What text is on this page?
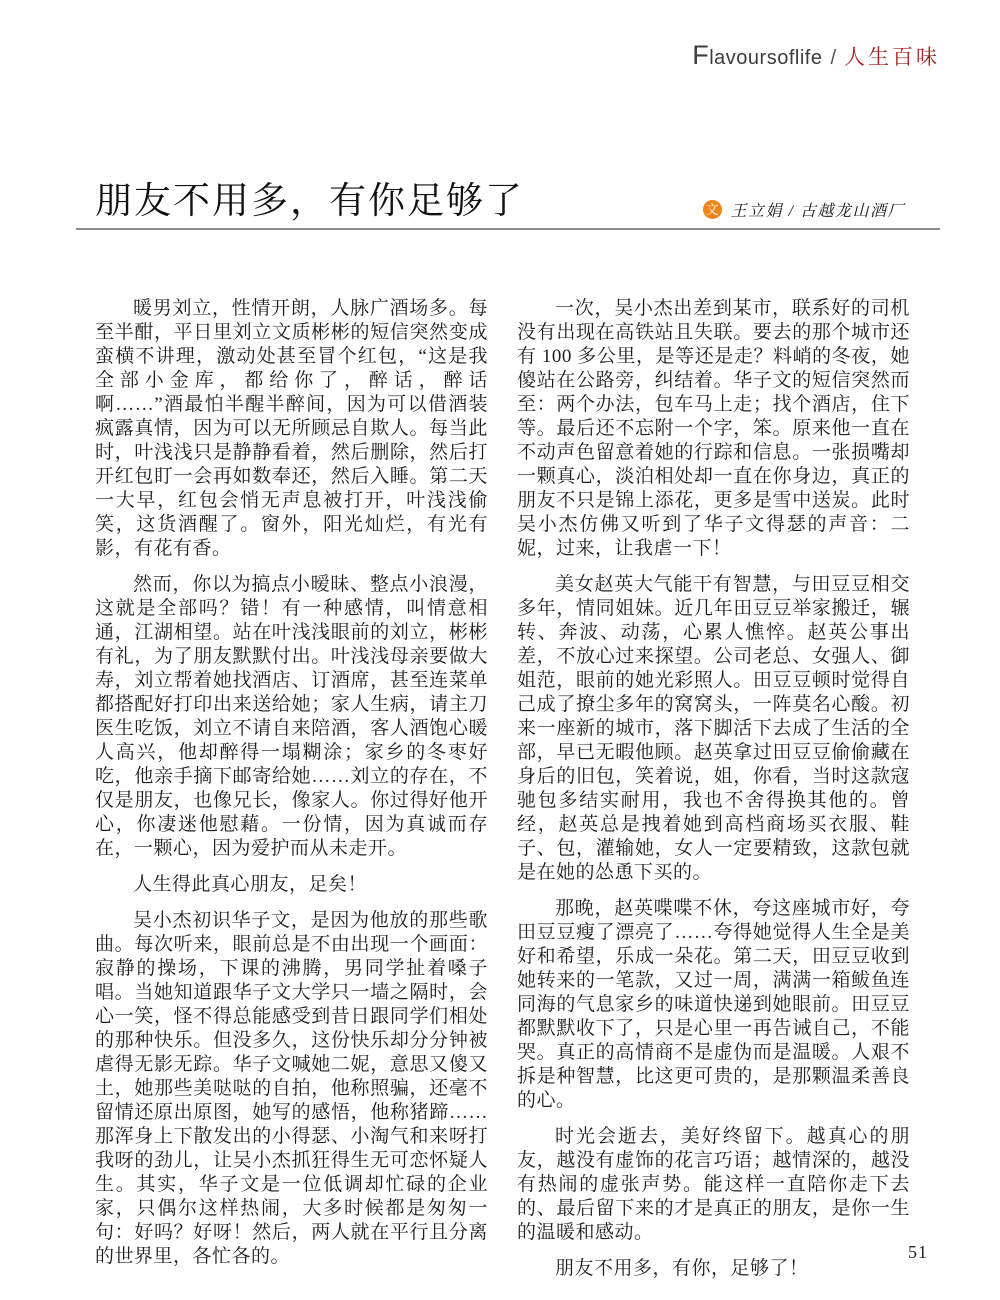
Flavoursoflife / 人生百味
朋友不用多，有你足够了	文 王立娟 / 古越龙山酒厂

暖男刘立，性情开朗，人脉广酒场多。每至半酣，平日里刘立文质彬彬的短信突然变成蛮横不讲理，激动处甚至冒个红包，“这是我全部小金库，都给你了，醉话，醉话啊……”酒最怕半醒半醉间，因为可以借酒装疯露真情，因为可以无所顾忌自欺人。每当此时，叶浅浅只是静静看着，然后删除，然后打开红包盯一会再如数奉还，然后入睡。第二天一大早，红包会悄无声息被打开，叶浅浅偷笑，这货酒醒了。窗外，阳光灿烂，有光有影，有花有香。

然而，你以为搞点小暧昧、整点小浪漫，这就是全部吗？错！有一种感情，叫情意相通，江湖相望。站在叶浅浅眼前的刘立，彬彬有礼，为了朋友默默付出。叶浅浅母亲要做大寿，刘立帮着她找酒店、订酒席，甚至连菜单都搭配好打印出来送给她；家人生病，请主刀医生吃饭，刘立不请自来陪酒，客人酒饱心暖人高兴，他却醉得一塌糊涂；家乡的冬枣好吃，他亲手摘下邮寄给她……刘立的存在，不仅是朋友，也像兄长，像家人。你过得好他开心，你凄迷他慰藉。一份情，因为真诚而存在，一颗心，因为爱护而从未走开。

人生得此真心朋友，足矣！

吴小杰初识华子文，是因为他放的那些歌曲。每次听来，眼前总是不由出现一个画面：寂静的操场，下课的沸腾，男同学扯着嗓子唱。当她知道跟华子文大学只一墙之隔时，会心一笑，怪不得总能感受到昔日跟同学们相处的那种快乐。但没多久，这份快乐却分分钟被虐得无影无踪。华子文喊她二妮，意思又傻又土，她那些美哒哒的自拍，他称照骗，还毫不留情还原出原图，她写的感悟，他称猪蹄……那浑身上下散发出的小得瑟、小淘气和来呀打我呀的劲儿，让吴小杰抓狂得生无可恋怀疑人生。其实，华子文是一位低调却忙碌的企业家，只偶尔这样热闹，大多时候都是匆匆一句：好吗？好呀！然后，两人就在平行且分离的世界里，各忙各的。

一次，吴小杰出差到某市，联系好的司机没有出现在高铁站且失联。要去的那个城市还有 100 多公里，是等还是走？料峭的冬夜，她傻站在公路旁，纠结着。华子文的短信突然而至：两个办法，包车马上走；找个酒店，住下等。最后还不忘附一个字，笨。原来他一直在不动声色留意着她的行踪和信息。一张损嘴却一颗真心，淡泊相处却一直在你身边，真正的朋友不只是锦上添花，更多是雪中送炭。此时吴小杰仿佛又听到了华子文得瑟的声音：二妮，过来，让我虐一下！

美女赵英大气能干有智慧，与田豆豆相交多年，情同姐妹。近几年田豆豆举家搬迁，辗转、奔波、动荡，心累人憔悴。赵英公事出差，不放心过来探望。公司老总、女强人、御姐范，眼前的她光彩照人。田豆豆顿时觉得自己成了撩尘多年的窝窝头，一阵莫名心酸。初来一座新的城市，落下脚活下去成了生活的全部，早已无暇他顾。赵英拿过田豆豆偷偷藏在身后的旧包，笑着说，姐，你看，当时这款寇驰包多结实耐用，我也不舍得换其他的。曾经，赵英总是拽着她到高档商场买衣服、鞋子、包，灌输她，女人一定要精致，这款包就是在她的怂恿下买的。

那晚，赵英喋喋不休，夸这座城市好，夸田豆豆瘦了漂亮了……夸得她觉得人生全是美好和希望，乐成一朵花。第二天，田豆豆收到她转来的一笔款，又过一周，满满一箱鲅鱼连同海的气息家乡的味道快递到她眼前。田豆豆都默默收下了，只是心里一再告诫自己，不能哭。真正的高情商不是虚伪而是温暖。人艰不拆是种智慧，比这更可贵的，是那颗温柔善良的心。

时光会逝去，美好终留下。越真心的朋友，越没有虚饰的花言巧语；越情深的，越没有热闹的虚张声势。能这样一直陪你走下去的、最后留下来的才是真正的朋友，是你一生的温暖和感动。

朋友不用多，有你，足够了！

51
